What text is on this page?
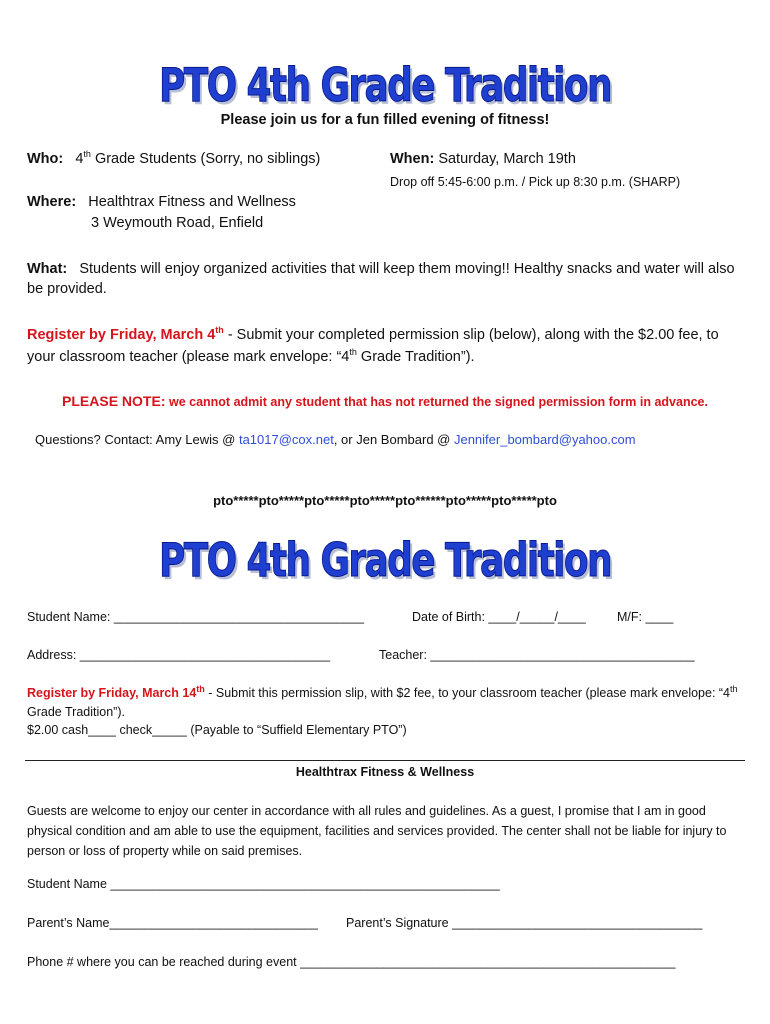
PTO 4th Grade Tradition
Please join us for a fun filled evening of fitness!
Who: 4th Grade Students (Sorry, no siblings)	When: Saturday, March 19th
Drop off 5:45-6:00 p.m. / Pick up 8:30 p.m. (SHARP)
Where: Healthtrax Fitness and Wellness
3 Weymouth Road, Enfield
What: Students will enjoy organized activities that will keep them moving!! Healthy snacks and water will also be provided.
Register by Friday, March 4th - Submit your completed permission slip (below), along with the $2.00 fee, to your classroom teacher (please mark envelope: “4th Grade Tradition”).
PLEASE NOTE: we cannot admit any student that has not returned the signed permission form in advance.
Questions? Contact: Amy Lewis @ ta1017@cox.net, or Jen Bombard @ Jennifer_bombard@yahoo.com
pto*****pto*****pto*****pto*****pto******pto*****pto*****pto
PTO 4th Grade Tradition
Student Name: ____________________________________	Date of Birth: ____/_____/____	M/F: ____
Address: ____________________________________	Teacher: ______________________________________
Register by Friday, March 14th - Submit this permission slip, with $2 fee, to your classroom teacher (please mark envelope: “4th Grade Tradition”).
$2.00 cash____ check_____ (Payable to “Suffield Elementary PTO”)
Healthtrax Fitness & Wellness
Guests are welcome to enjoy our center in accordance with all rules and guidelines. As a guest, I promise that I am in good physical condition and am able to use the equipment, facilities and services provided. The center shall not be liable for injury to person or loss of property while on said premises.
Student Name ________________________________________________________
Parent’s Name______________________________ Parent’s Signature ____________________________________
Phone # where you can be reached during event ______________________________________________________
